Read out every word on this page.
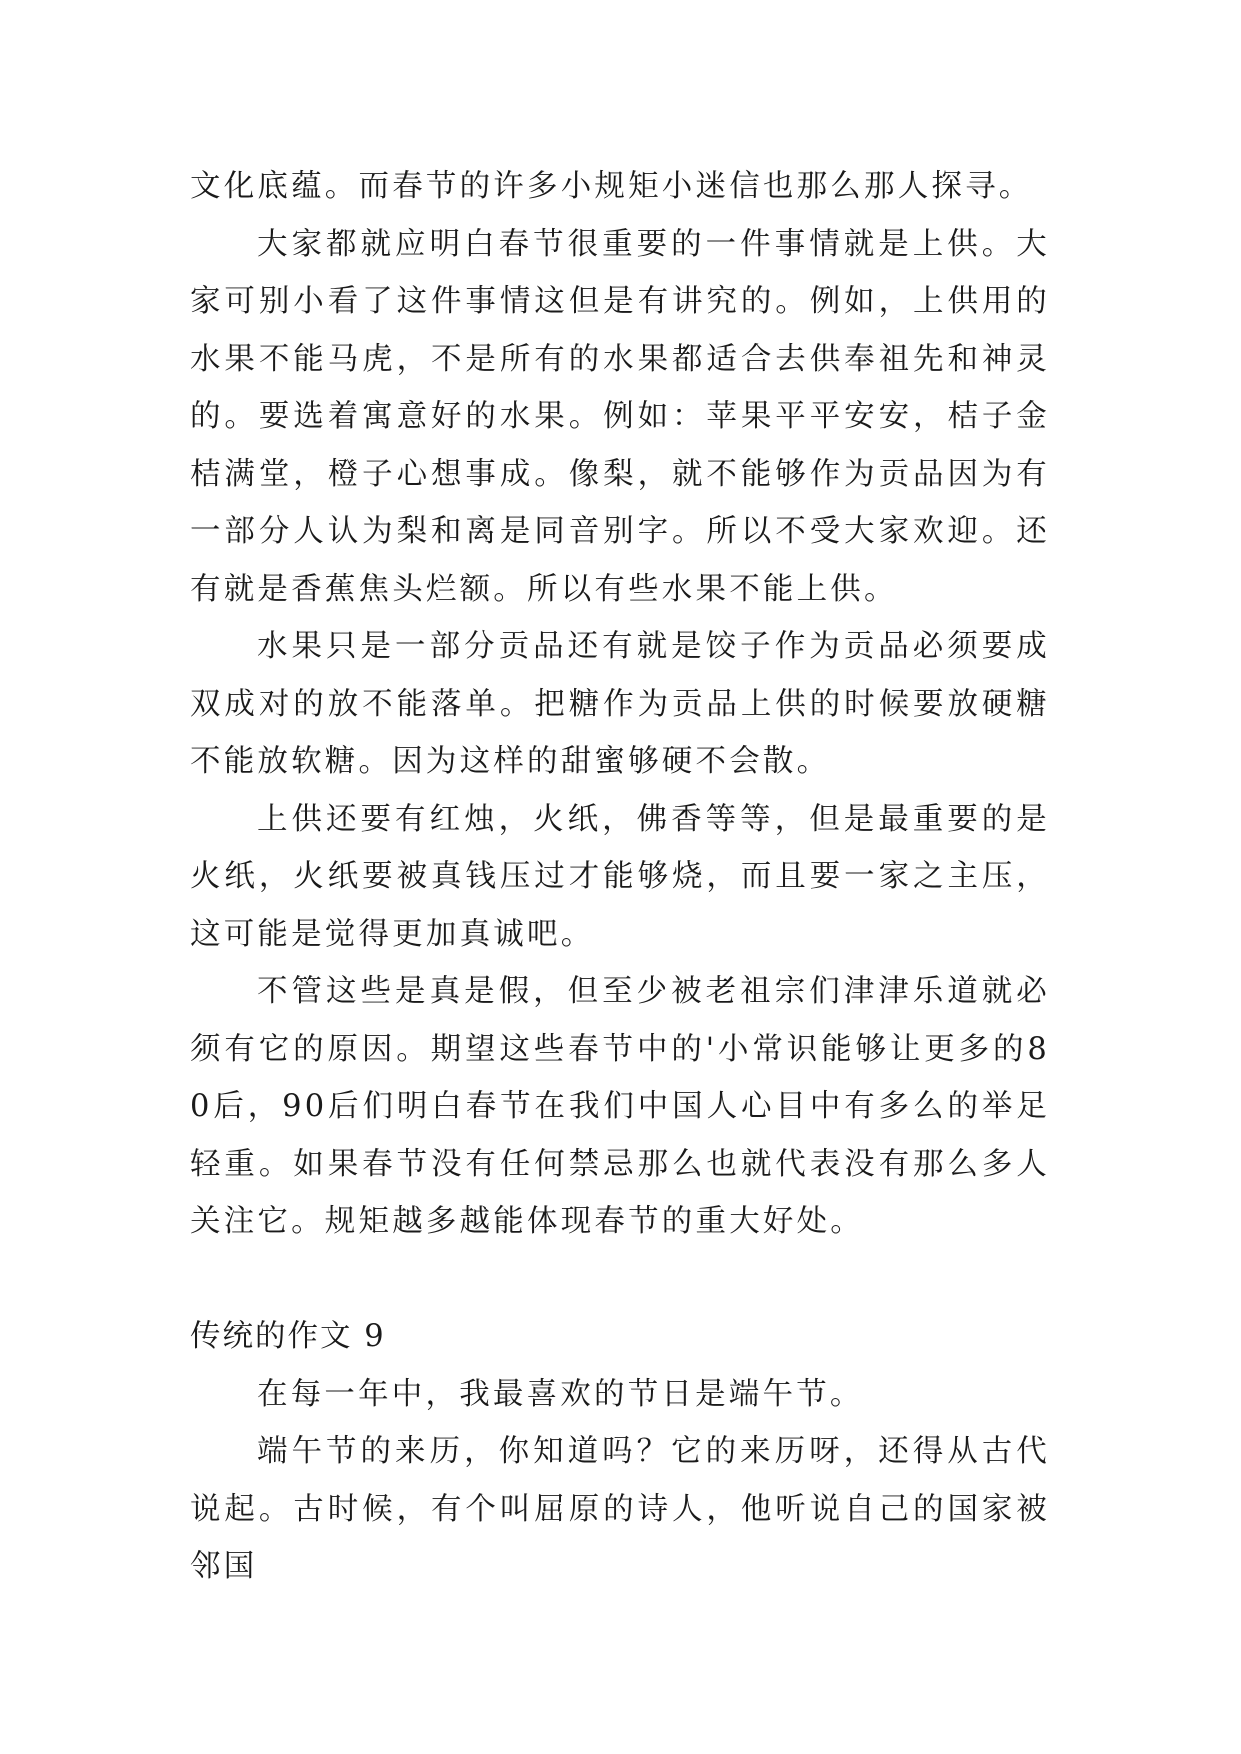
文化底蕴。而春节的许多小规矩小迷信也那么那人探寻。

大家都就应明白春节很重要的一件事情就是上供。大家可别小看了这件事情这但是有讲究的。例如，上供用的水果不能马虎，不是所有的水果都适合去供奉祖先和神灵的。要选着寓意好的水果。例如：苹果平平安安，桔子金桔满堂，橙子心想事成。像梨，就不能够作为贡品因为有一部分人认为梨和离是同音别字。所以不受大家欢迎。还有就是香蕉焦头烂额。所以有些水果不能上供。

水果只是一部分贡品还有就是饺子作为贡品必须要成双成对的放不能落单。把糖作为贡品上供的时候要放硬糖不能放软糖。因为这样的甜蜜够硬不会散。

上供还要有红烛，火纸，佛香等等，但是最重要的是火纸，火纸要被真钱压过才能够烧，而且要一家之主压，这可能是觉得更加真诚吧。

不管这些是真是假，但至少被老祖宗们津津乐道就必须有它的原因。期望这些春节中的'小常识能够让更多的80后，90后们明白春节在我们中国人心目中有多么的举足轻重。如果春节没有任何禁忌那么也就代表没有那么多人关注它。规矩越多越能体现春节的重大好处。

传统的作文 9

在每一年中，我最喜欢的节日是端午节。

端午节的来历，你知道吗？它的来历呀，还得从古代说起。古时候，有个叫屈原的诗人，他听说自己的国家被邻国
